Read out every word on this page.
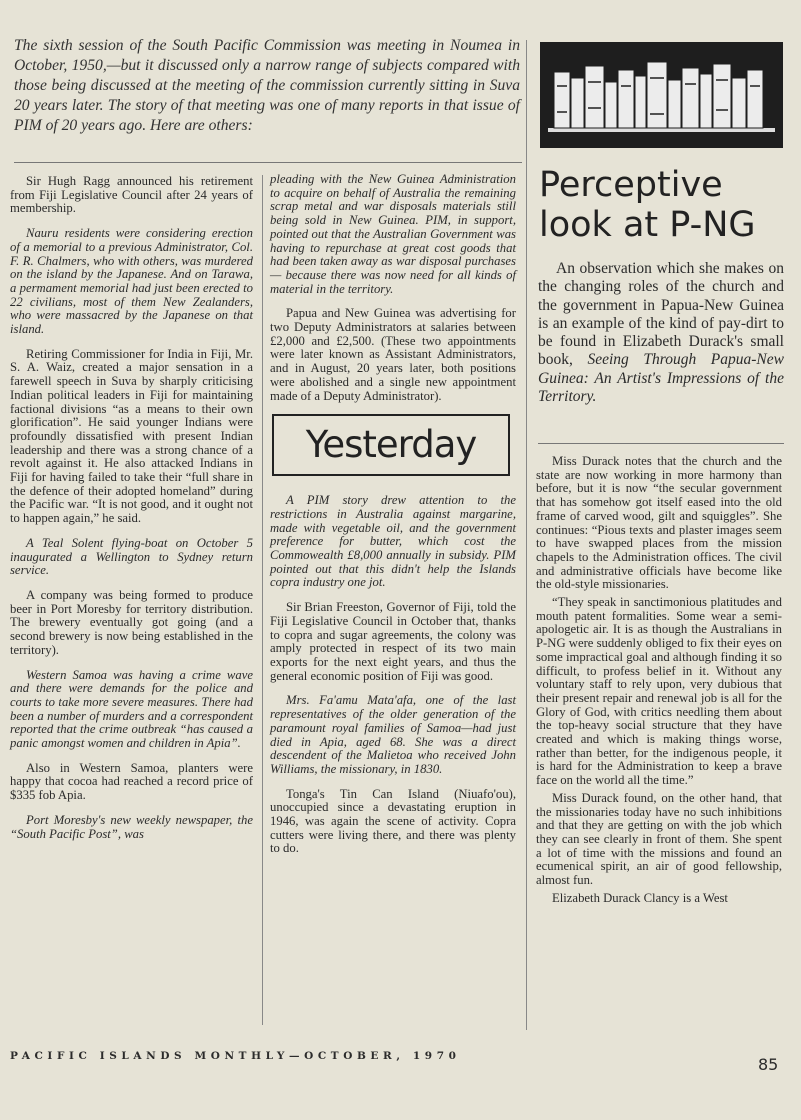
The sixth session of the South Pacific Commission was meeting in Noumea in October, 1950,—but it discussed only a narrow range of subjects compared with those being discussed at the meeting of the commission currently sitting in Suva 20 years later. The story of that meeting was one of many reports in that issue of PIM of 20 years ago. Here are others:

Sir Hugh Ragg announced his retirement from Fiji Legislative Council after 24 years of membership.

Nauru residents were considering erection of a memorial to a previous Administrator, Col. F. R. Chalmers, who with others, was murdered on the island by the Japanese. And on Tarawa, a permament memorial had just been erected to 22 civilians, most of them New Zealanders, who were massacred by the Japanese on that island.

Retiring Commissioner for India in Fiji, Mr. S. A. Waiz, created a major sensation in a farewell speech in Suva by sharply criticising Indian political leaders in Fiji for maintaining factional divisions “as a means to their own glorification”. He said younger Indians were profoundly dissatisfied with present Indian leadership and there was a strong chance of a revolt against it. He also attacked Indians in Fiji for having failed to take their “full share in the defence of their adopted homeland” during the Pacific war. “It is not good, and it ought not to happen again,” he said.

A Teal Solent flying-boat on October 5 inaugurated a Wellington to Sydney return service.

A company was being formed to produce beer in Port Moresby for territory distribution. The brewery eventually got going (and a second brewery is now being established in the territory).

Western Samoa was having a crime wave and there were demands for the police and courts to take more severe measures. There had been a number of murders and a correspondent reported that the crime outbreak “has caused a panic amongst women and children in Apia”.

Also in Western Samoa, planters were happy that cocoa had reached a record price of $335 fob Apia.

Port Moresby's new weekly newspaper, the “South Pacific Post”, was

pleading with the New Guinea Administration to acquire on behalf of Australia the remaining scrap metal and war disposals materials still being sold in New Guinea. PIM, in support, pointed out that the Australian Government was having to repurchase at great cost goods that had been taken away as war disposal purchases — because there was now need for all kinds of material in the territory.

Papua and New Guinea was advertising for two Deputy Administrators at salaries between £2,000 and £2,500. (These two appointments were later known as Assistant Administrators, and in August, 20 years later, both positions were abolished and a single new appointment made of a Deputy Administrator).

Yesterday

A PIM story drew attention to the restrictions in Australia against margarine, made with vegetable oil, and the government preference for butter, which cost the Commowealth £8,000 annually in subsidy. PIM pointed out that this didn't help the Islands copra industry one jot.

Sir Brian Freeston, Governor of Fiji, told the Fiji Legislative Council in October that, thanks to copra and sugar agreements, the colony was amply protected in respect of its two main exports for the next eight years, and thus the general economic position of Fiji was good.

Mrs. Fa'amu Mata'afa, one of the last representatives of the older generation of the paramount royal families of Samoa—had just died in Apia, aged 68. She was a direct descendent of the Malietoa who received John Williams, the missionary, in 1830.

Tonga's Tin Can Island (Niuafo'ou), unoccupied since a devastating eruption in 1946, was again the scene of activity. Copra cutters were living there, and there was plenty to do.

Perceptive look at P-NG

An observation which she makes on the changing roles of the church and the government in Papua-New Guinea is an example of the kind of pay-dirt to be found in Elizabeth Durack's small book, Seeing Through Papua-New Guinea: An Artist's Impressions of the Territory.

Miss Durack notes that the church and the state are now working in more harmony than before, but it is now “the secular government that has somehow got itself eased into the old frame of carved wood, gilt and squiggles”. She continues: “Pious texts and plaster images seem to have swapped places from the mission chapels to the Administration offices. The civil and administrative officials have become like the old-style missionaries.

“They speak in sanctimonious platitudes and mouth patent formalities. Some wear a semi-apologetic air. It is as though the Australians in P-NG were suddenly obliged to fix their eyes on some impractical goal and although finding it so difficult, to profess belief in it. Without any voluntary staff to rely upon, very dubious that their present repair and renewal job is all for the Glory of God, with critics needling them about the top-heavy social structure that they have created and which is making things worse, rather than better, for the indigenous people, it is hard for the Administration to keep a brave face on the world all the time.”

Miss Durack found, on the other hand, that the missionaries today have no such inhibitions and that they are getting on with the job which they can see clearly in front of them. She spent a lot of time with the missions and found an ecumenical spirit, an air of good fellowship, almost fun.

Elizabeth Durack Clancy is a West

PACIFIC ISLANDS MONTHLY—OCTOBER, 1970	85
